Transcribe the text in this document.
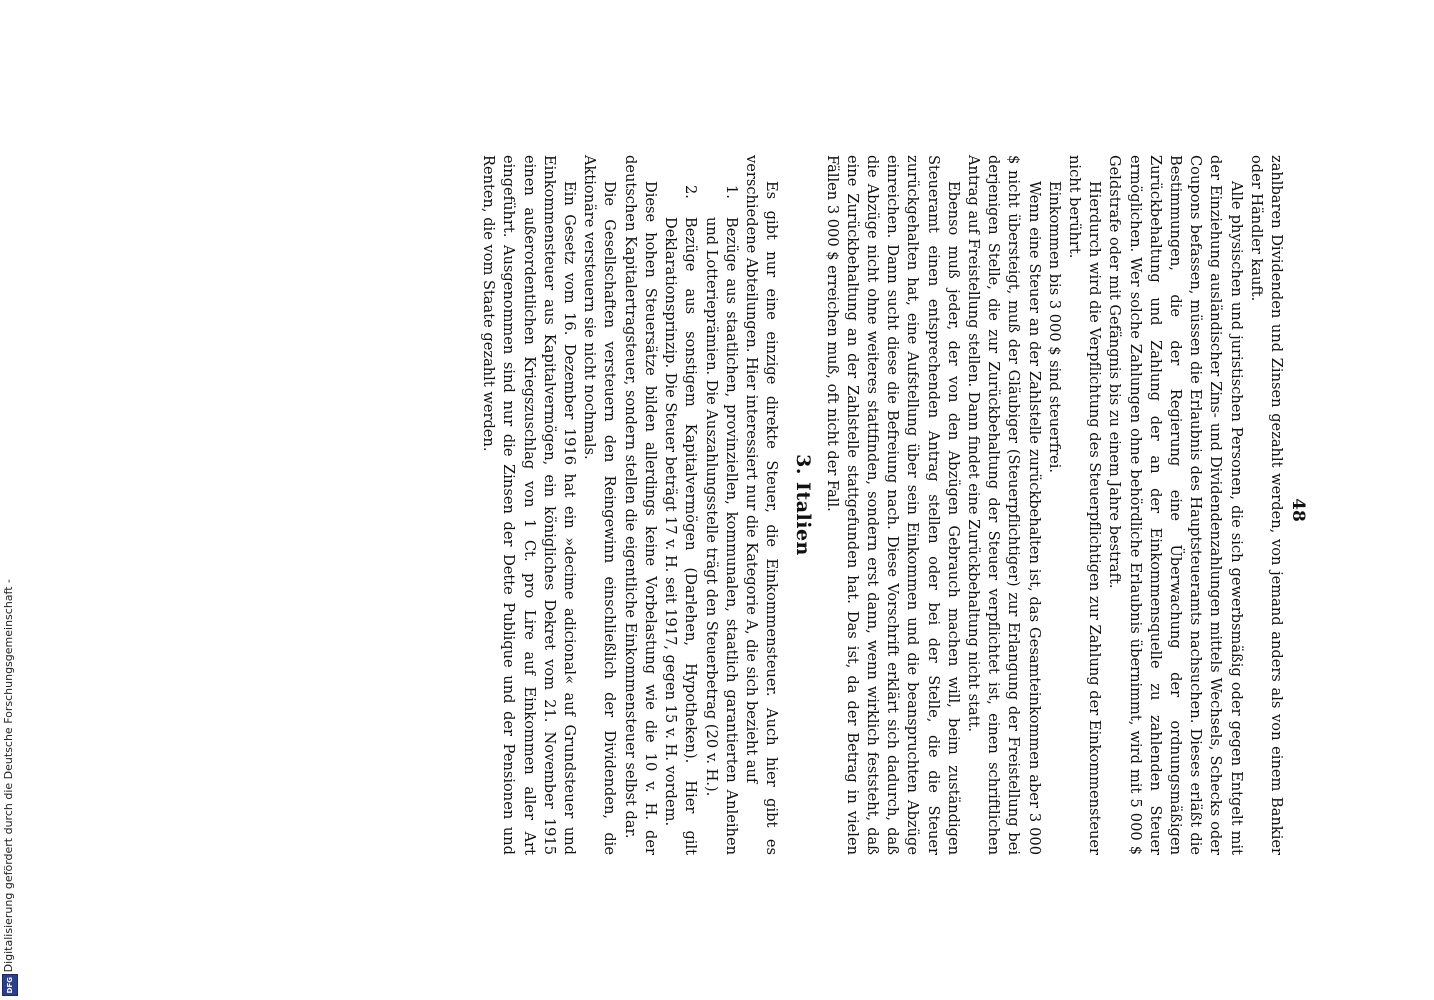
48

zahlbaren Dividenden und Zinsen gezahlt werden, von jemand anders als von einem Bankier oder Händler kauft.

Alle physischen und juristischen Personen, die sich gewerbsmäßig oder gegen Entgelt mit der Einziehung ausländischer Zins- und Dividendenzahlungen mittels Wechsels, Schecks oder Coupons befassen, müssen die Erlaubnis des Hauptsteueramts nachsuchen. Dieses erläßt die Bestimmungen, die der Regierung eine Überwachung der ordnungsmäßigen Zurückbehaltung und Zahlung der an der Einkommensquelle zu zahlenden Steuer ermöglichen. Wer solche Zahlungen ohne behördliche Erlaubnis übernimmt, wird mit 5 000 $ Geldstrafe oder mit Gefängnis bis zu einem Jahre bestraft.

Hierdurch wird die Verpflichtung des Steuerpflichtigen zur Zahlung der Einkommensteuer nicht berührt.

Einkommen bis 3 000 $ sind steuerfrei.

Wenn eine Steuer an der Zahlstelle zurückbehalten ist, das Gesamteinkommen aber 3 000 $ nicht übersteigt, muß der Gläubiger (Steuerpflichtiger) zur Erlangung der Freistellung bei derjenigen Stelle, die zur Zurückbehaltung der Steuer verpflichtet ist, einen schriftlichen Antrag auf Freistellung stellen. Dann findet eine Zurückbehaltung nicht statt.

Ebenso muß jeder, der von den Abzügen Gebrauch machen will, beim zuständigen Steueramt einen entsprechenden Antrag stellen oder bei der Stelle, die die Steuer zurückgehalten hat, eine Aufstellung über sein Einkommen und die beanspruchten Abzüge einreichen. Dann sucht diese die Befreiung nach. Diese Vorschrift erklärt sich dadurch, daß die Abzüge nicht ohne weiteres stattfinden, sondern erst dann, wenn wirklich feststeht, daß eine Zurückbehaltung an der Zahlstelle stattgefunden hat. Das ist, da der Betrag in vielen Fällen 3 000 $ erreichen muß, oft nicht der Fall.

3. Italien

Es gibt nur eine einzige direkte Steuer, die Einkommensteuer. Auch hier gibt es verschiedene Abteilungen. Hier interessiert nur die Kategorie A, die sich bezieht auf

1.
Bezüge aus staatlichen, provinziellen, kommunalen, staatlich garantierten Anleihen und Lotterieprämien. Die Auszahlungsstelle trägt den Steuerbetrag (20 v. H.).
2.
Bezüge aus sonstigem Kapitalvermögen (Darlehen, Hypotheken). Hier gilt Deklarationsprinzip. Die Steuer beträgt 17 v. H. seit 1917, gegen 15 v. H. vordem.

Diese hohen Steuersätze bilden allerdings keine Vorbelastung wie die 10 v. H. der deutschen Kapitalertragsteuer, sondern stellen die eigentliche Einkommensteuer selbst dar.

Die Gesellschaften versteuern den Reingewinn einschließlich der Dividenden, die Aktionäre versteuern sie nicht nochmals.

Ein Gesetz vom 16. Dezember 1916 hat ein »decime adicional« auf Grundsteuer und Einkommensteuer aus Kapitalvermögen, ein königliches Dekret vom 21. November 1915 einen außerordentlichen Kriegszuschlag von 1 Ct. pro Lire auf Einkommen aller Art eingeführt. Ausgenommen sind nur die Zinsen der Dette Publique und der Pensionen und Renten, die vom Staate gezahlt werden.

Digitalisierung gefördert durch die Deutsche Forschungsgemeinschaft -
DFG
